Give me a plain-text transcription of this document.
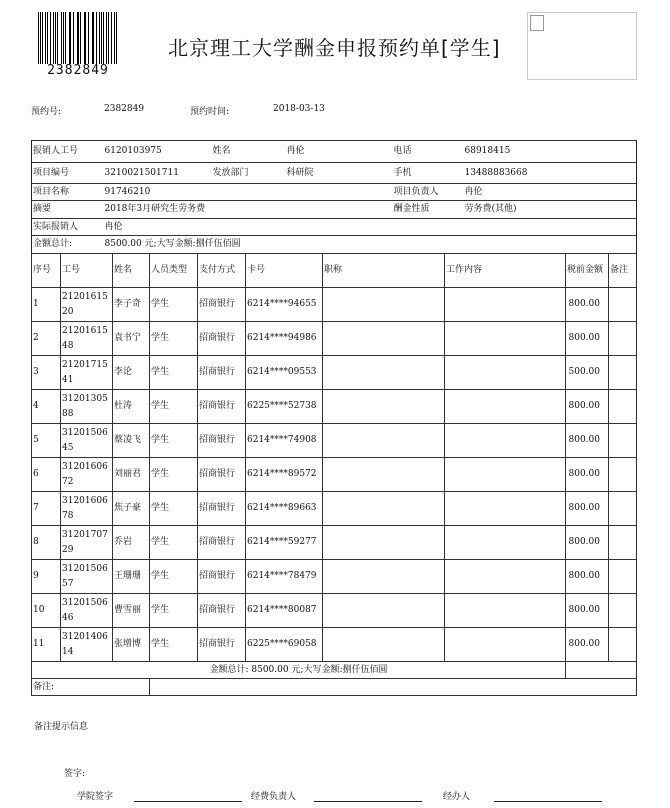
2382849
北京理工大学酬金申报预约单[学生]
预约号:	2382849	预约时间:	2018-03-13
报销人工号	6120103975	姓名	冉伦	电话	68918415
项目编号	3210021501711	发放部门	科研院	手机	13488883668
项目名称	91746210			项目负责人	冉伦
摘要	2018年3月研究生劳务费			酬金性质	劳务费(其他)
实际报销人	冉伦				
金额总计:	8500.00 元;大写金额:捌仟伍佰圆				
序号	工号	姓名	人员类型	支付方式	卡号	职称	工作内容	税前金额	备注
1	2120161520	李子奇	学生	招商银行	6214****94655			800.00	
2	2120161548	袁书宁	学生	招商银行	6214****94986			800.00	
3	2120171541	李论	学生	招商银行	6214****09553			500.00	
4	3120130588	杜涛	学生	招商银行	6225****52738			800.00	
5	3120150645	蔡凌飞	学生	招商银行	6214****74908			800.00	
6	3120160672	刘丽君	学生	招商银行	6214****89572			800.00	
7	3120160678	焦子豪	学生	招商银行	6214****89663			800.00	
8	3120170729	乔岩	学生	招商银行	6214****59277			800.00	
9	3120150657	王珊珊	学生	招商银行	6214****78479			800.00	
10	3120150646	曹雪丽	学生	招商银行	6214****80087			800.00	
11	3120140614	张增博	学生	招商银行	6225****69058			800.00	
金额总计: 8500.00 元;大写金额:捌仟伍佰圆									
备注:									
备注提示信息
签字:
学院签字	经费负责人	经办人
